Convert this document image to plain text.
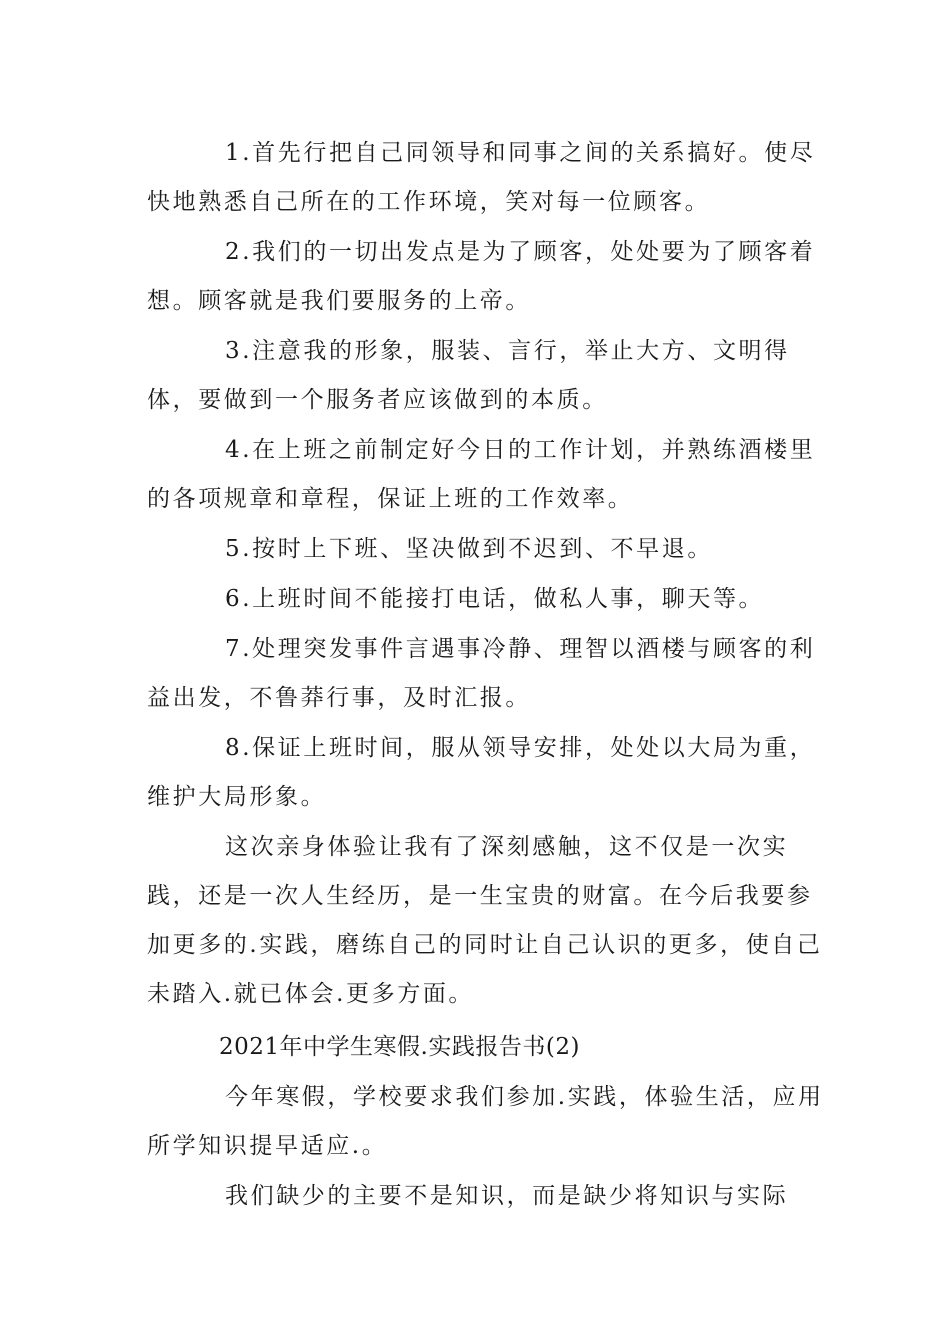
1.首先行把自己同领导和同事之间的关系搞好。使尽快地熟悉自己所在的工作环境，笑对每一位顾客。

2.我们的一切出发点是为了顾客，处处要为了顾客着想。顾客就是我们要服务的上帝。

3.注意我的形象，服装、言行，举止大方、文明得体，要做到一个服务者应该做到的本质。

4.在上班之前制定好今日的工作计划，并熟练酒楼里的各项规章和章程，保证上班的工作效率。

5.按时上下班、坚决做到不迟到、不早退。

6.上班时间不能接打电话，做私人事，聊天等。

7.处理突发事件言遇事冷静、理智以酒楼与顾客的利益出发，不鲁莽行事，及时汇报。

8.保证上班时间，服从领导安排，处处以大局为重，维护大局形象。

这次亲身体验让我有了深刻感触，这不仅是一次实践，还是一次人生经历，是一生宝贵的财富。在今后我要参加更多的.实践，磨练自己的同时让自己认识的更多，使自己未踏入.就已体会.更多方面。

2021年中学生寒假.实践报告书(2)

今年寒假，学校要求我们参加.实践，体验生活，应用所学知识提早适应.。

我们缺少的主要不是知识，而是缺少将知识与实际
